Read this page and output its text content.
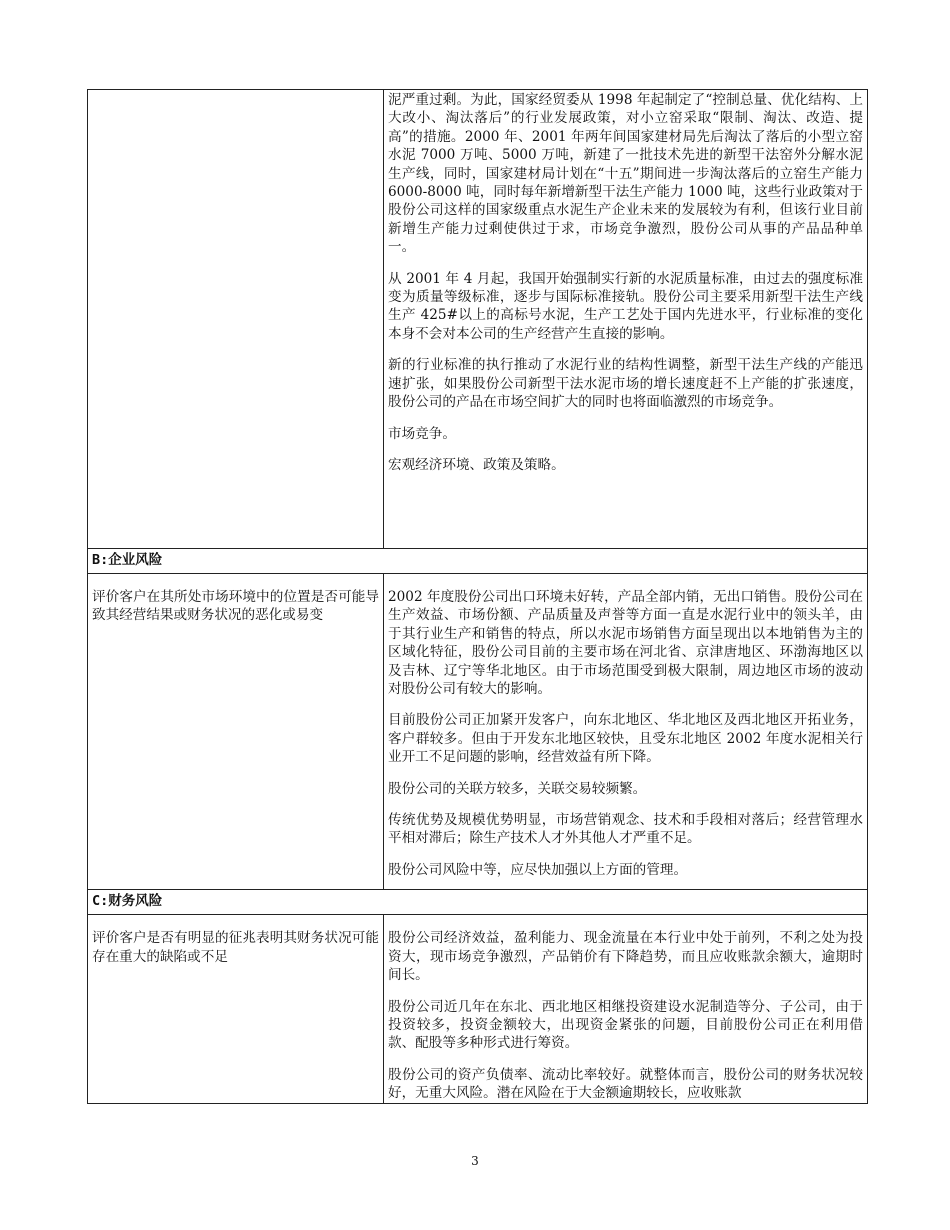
	泥严重过剩。为此，国家经贸委从 1998 年起制定了“控制总量、优化结构、上大改小、淘汰落后”的行业发展政策，对小立窑采取“限制、淘汰、改造、提高”的措施。2000 年、2001 年两年间国家建材局先后淘汰了落后的小型立窑水泥 7000 万吨、5000 万吨，新建了一批技术先进的新型干法窑外分解水泥生产线，同时，国家建材局计划在“十五”期间进一步淘汰落后的立窑生产能力 6000-8000 吨，同时每年新增新型干法生产能力 1000 吨，这些行业政策对于股份公司这样的国家级重点水泥生产企业未来的发展较为有利，但该行业目前新增生产能力过剩使供过于求，市场竞争激烈，股份公司从事的产品品种单一。

从 2001 年 4 月起，我国开始强制实行新的水泥质量标准，由过去的强度标准变为质量等级标准，逐步与国际标准接轨。股份公司主要采用新型干法生产线生产 425#以上的高标号水泥，生产工艺处于国内先进水平，行业标准的变化本身不会对本公司的生产经营产生直接的影响。

新的行业标准的执行推动了水泥行业的结构性调整，新型干法生产线的产能迅速扩张，如果股份公司新型干法水泥市场的增长速度赶不上产能的扩张速度，股份公司的产品在市场空间扩大的同时也将面临激烈的市场竞争。

市场竞争。

宏观经济环境、政策及策略。

B:企业风险	

评价客户在其所处市场环境中的位置是否可能导致其经营结果或财务状况的恶化或易变	2002 年度股份公司出口环境未好转，产品全部内销，无出口销售。股份公司在生产效益、市场份额、产品质量及声誉等方面一直是水泥行业中的领头羊，由于其行业生产和销售的特点，所以水泥市场销售方面呈现出以本地销售为主的区域化特征，股份公司目前的主要市场在河北省、京津唐地区、环渤海地区以及吉林、辽宁等华北地区。由于市场范围受到极大限制，周边地区市场的波动对股份公司有较大的影响。

目前股份公司正加紧开发客户，向东北地区、华北地区及西北地区开拓业务，客户群较多。但由于开发东北地区较快，且受东北地区 2002 年度水泥相关行业开工不足问题的影响，经营效益有所下降。

股份公司的关联方较多，关联交易较频繁。

传统优势及规模优势明显，市场营销观念、技术和手段相对落后；经营管理水平相对滞后；除生产技术人才外其他人才严重不足。

股份公司风险中等，应尽快加强以上方面的管理。

C:财务风险	

评价客户是否有明显的征兆表明其财务状况可能存在重大的缺陷或不足	股份公司经济效益，盈利能力、现金流量在本行业中处于前列，不利之处为投资大，现市场竞争激烈，产品销价有下降趋势，而且应收账款余额大，逾期时间长。

股份公司近几年在东北、西北地区相继投资建设水泥制造等分、子公司，由于投资较多，投资金额较大，出现资金紧张的问题，目前股份公司正在利用借款、配股等多种形式进行筹资。

股份公司的资产负债率、流动比率较好。就整体而言，股份公司的财务状况较好，无重大风险。潜在风险在于大金额逾期较长，应收账款

3
